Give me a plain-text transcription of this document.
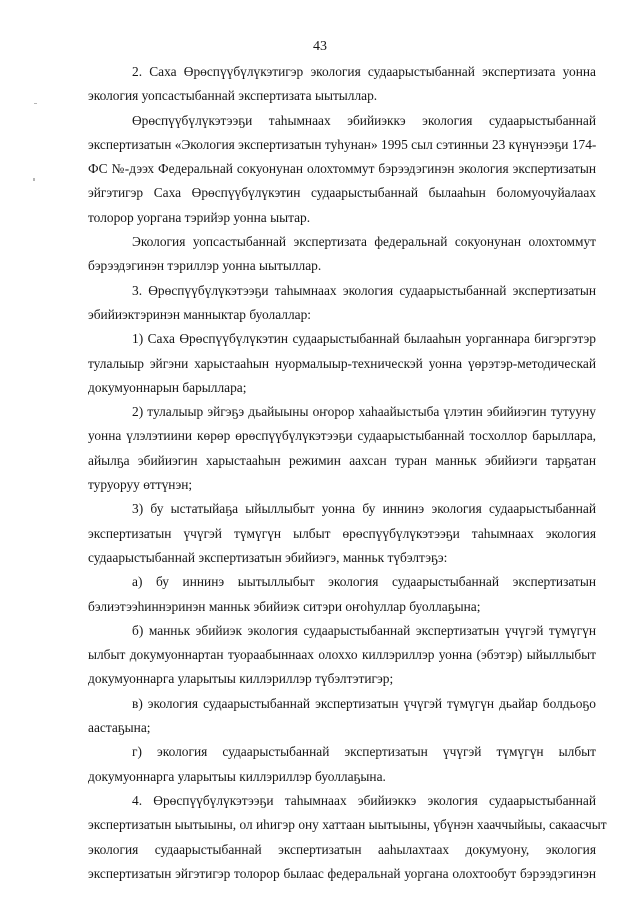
43
2. Саха Өрөспүүбүлүкэтигэр экология судаарыстыбаннай экспертизата уонна
экология уопсастыбаннай экспертизата ыытыллар.
Өрөспүүбүлүкэтээҕи таһымнаах эбийиэккэ экология судаарыстыбаннай
экспертизатын «Экология экспертизатын туһунан» 1995 сыл сэтинньи 23 күнүнээҕи 174-
ФС №-дээх Федеральнай сокуонунан олохтоммут бэрээдэгинэн экология экспертизатын
эйгэтигэр Саха Өрөспүүбүлүкэтин судаарыстыбаннай былааһын боломуочуйалаах
толорор уоргана тэрийэр уонна ыытар.
Экология уопсастыбаннай экспертизата федеральнай сокуонунан олохтоммут
бэрээдэгинэн тэриллэр уонна ыытыллар.
3. Өрөспүүбүлүкэтээҕи таһымнаах экология судаарыстыбаннай экспертизатын
эбийиэктэринэн манныктар буолаллар:
1) Саха Өрөспүүбүлүкэтин судаарыстыбаннай былааһын уорганнара бигэргэтэр
тулалыыр эйгэни харыстааһын нуормалыыр-техническэй уонна үөрэтэр-методическай
докумуоннарын барыллара;
2) тулалыыр эйгэҕэ дьайыыны оҥорор хаһаайыстыба үлэтин эбийиэгин тутууну
уонна үлэлэтиини көрөр өрөспүүбүлүкэтээҕи судаарыстыбаннай тосхоллор барыллара,
айылҕа эбийиэгин харыстааһын режимин аахсан туран манньк эбийиэги тарҕатан
туруоруу өттүнэн;
3) бу ыстатыйаҕа ыйыллыбыт уонна бу иннинэ экология судаарыстыбаннай
экспертизатын үчүгэй түмүгүн ылбыт өрөспүүбүлүкэтээҕи таһымнаах экология
судаарыстыбаннай экспертизатын эбийиэгэ, манньк түбэлтэҕэ:
а) бу иннинэ ыытыллыбыт экология судаарыстыбаннай экспертизатын
бэлиэтээһиннэринэн манньк эбийиэк ситэри оҥоһуллар буоллаҕына;
б) манньк эбийиэк экология судаарыстыбаннай экспертизатын үчүгэй түмүгүн
ылбыт докумуоннартан туораабыннаах олоххо киллэриллэр уонна (эбэтэр) ыйыллыбыт
докумуоннарга уларытыы киллэриллэр түбэлтэтигэр;
в) экология судаарыстыбаннай экспертизатын үчүгэй түмүгүн дьайар болдьоҕо
аастаҕына;
г) экология судаарыстыбаннай экспертизатын үчүгэй түмүгүн ылбыт
докумуоннарга уларытыы киллэриллэр буоллаҕына.
4. Өрөспүүбүлүкэтээҕи таһымнаах эбийиэккэ экология судаарыстыбаннай
экспертизатын ыытыыны, ол иһигэр ону хаттаан ыытыыны, үбүнэн хааччыйыы, сакаасчыт
экология судаарыстыбаннай экспертизатын ааһылахтаах докумуону, экология
экспертизатын эйгэтигэр толорор былаас федеральнай уоргана олохтообут бэрээдэгинэн
